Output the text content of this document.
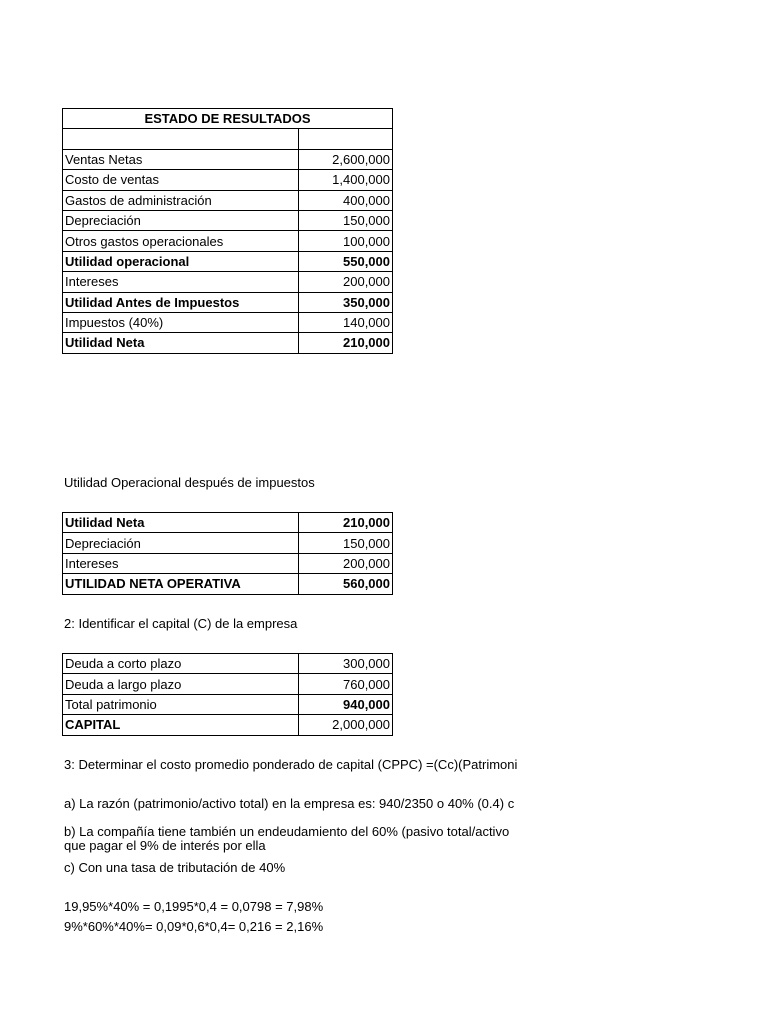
ESTADO DE RESULTADOS	

Ventas Netas	2,600,000
Costo de ventas	1,400,000
Gastos de administración	400,000
Depreciación	150,000
Otros gastos operacionales	100,000
Utilidad operacional	550,000
Intereses	200,000
Utilidad Antes de Impuestos	350,000
Impuestos (40%)	140,000
Utilidad Neta	210,000
Utilidad Operacional después de impuestos
Utilidad Neta	210,000
Depreciación	150,000
Intereses	200,000
UTILIDAD NETA OPERATIVA	560,000
2: Identificar el capital (C) de la empresa
Deuda a corto plazo	300,000
Deuda a largo plazo	760,000
Total patrimonio	940,000
CAPITAL	2,000,000
3: Determinar el costo promedio ponderado de capital (CPPC) =(Cc)(Patrimoni
a) La razón (patrimonio/activo total) en la empresa es: 940/2350 o 40% (0.4) c
b) La compañía tiene también un endeudamiento del 60% (pasivo total/activo
que pagar el 9% de interés por ella
c) Con una tasa de tributación de 40%
19,95%*40% = 0,1995*0,4 = 0,0798 = 7,98%
9%*60%*40%= 0,09*0,6*0,4= 0,216 = 2,16%
